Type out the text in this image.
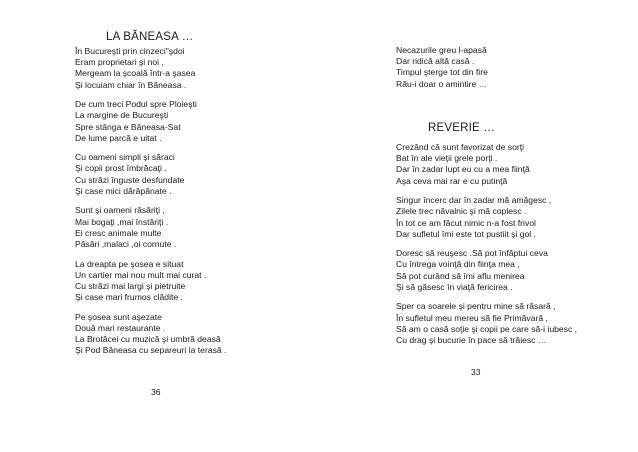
LA BĂNEASA …
În Bucureşti prin cinzeci"şdoi
Eram proprietari şi noi ,
Mergeam la şcoală într-a şasea
Şi locuiam chiar în Băneasa .
De cum treci Podul spre Ploieşti
La margine de Bucureşti
Spre stânga e Băneasa-Sat
De lume parcă e uitat .
Cu oameni simpli şi săraci
Şi copii prost îmbrăcaţi .
Cu străzi înguste desfundate
Şi case mici dărăpănate .
Sunt şi oameni răsăriţi ,
Mai bogaţi ,mai înstăriţi .
Ei cresc animale multe
Păsări ,malaci ,oi cornute .
La dreapta pe şosea e situat
Un cartier mai nou mult mai curat .
Cu străzi mai largi şi pietruite
Şi case mari frumos clădite .
Pe şosea sunt aşezate
Două mari restaurante .
La Brotăcei cu muzică şi umbră deasă
Şi Pod Băneasa cu separeuri la terasă .
36
Necazurile greu l-apasă
Dar ridică altă casă .
Timpul şterge tot din fire
Rău-i doar o amintire …
REVERIE …
Crezând că sunt favorizat de sorţi
Bat în ale vieţii grele porţi .
Dar în zadar lupt eu cu a mea fiinţă
Aşa ceva mai rar e cu putinţă
Singur încerc dar în zadar mă amăgesc ,
Zilele trec năvalnic şi mă coplesc .
În tot ce am făcut nimic n-a fost frivol
Dar sufletul îmi este tot pustiit şi gol .
Doresc să reuşesc .Să pot înfăptui ceva
Cu întrega voinţă din fiinţa mea ,
Să pot curând să îmi aflu menirea
Şi să găsesc în viaţă fericirea .
Sper ca soarele şi pentru mine să răsară ,
În sufletul meu mereu să fie Primăvară ,
Să am o casă soţie şi copii pe care să-i iubesc ,
Cu drag şi bucurie în pace să trăiesc …
33
